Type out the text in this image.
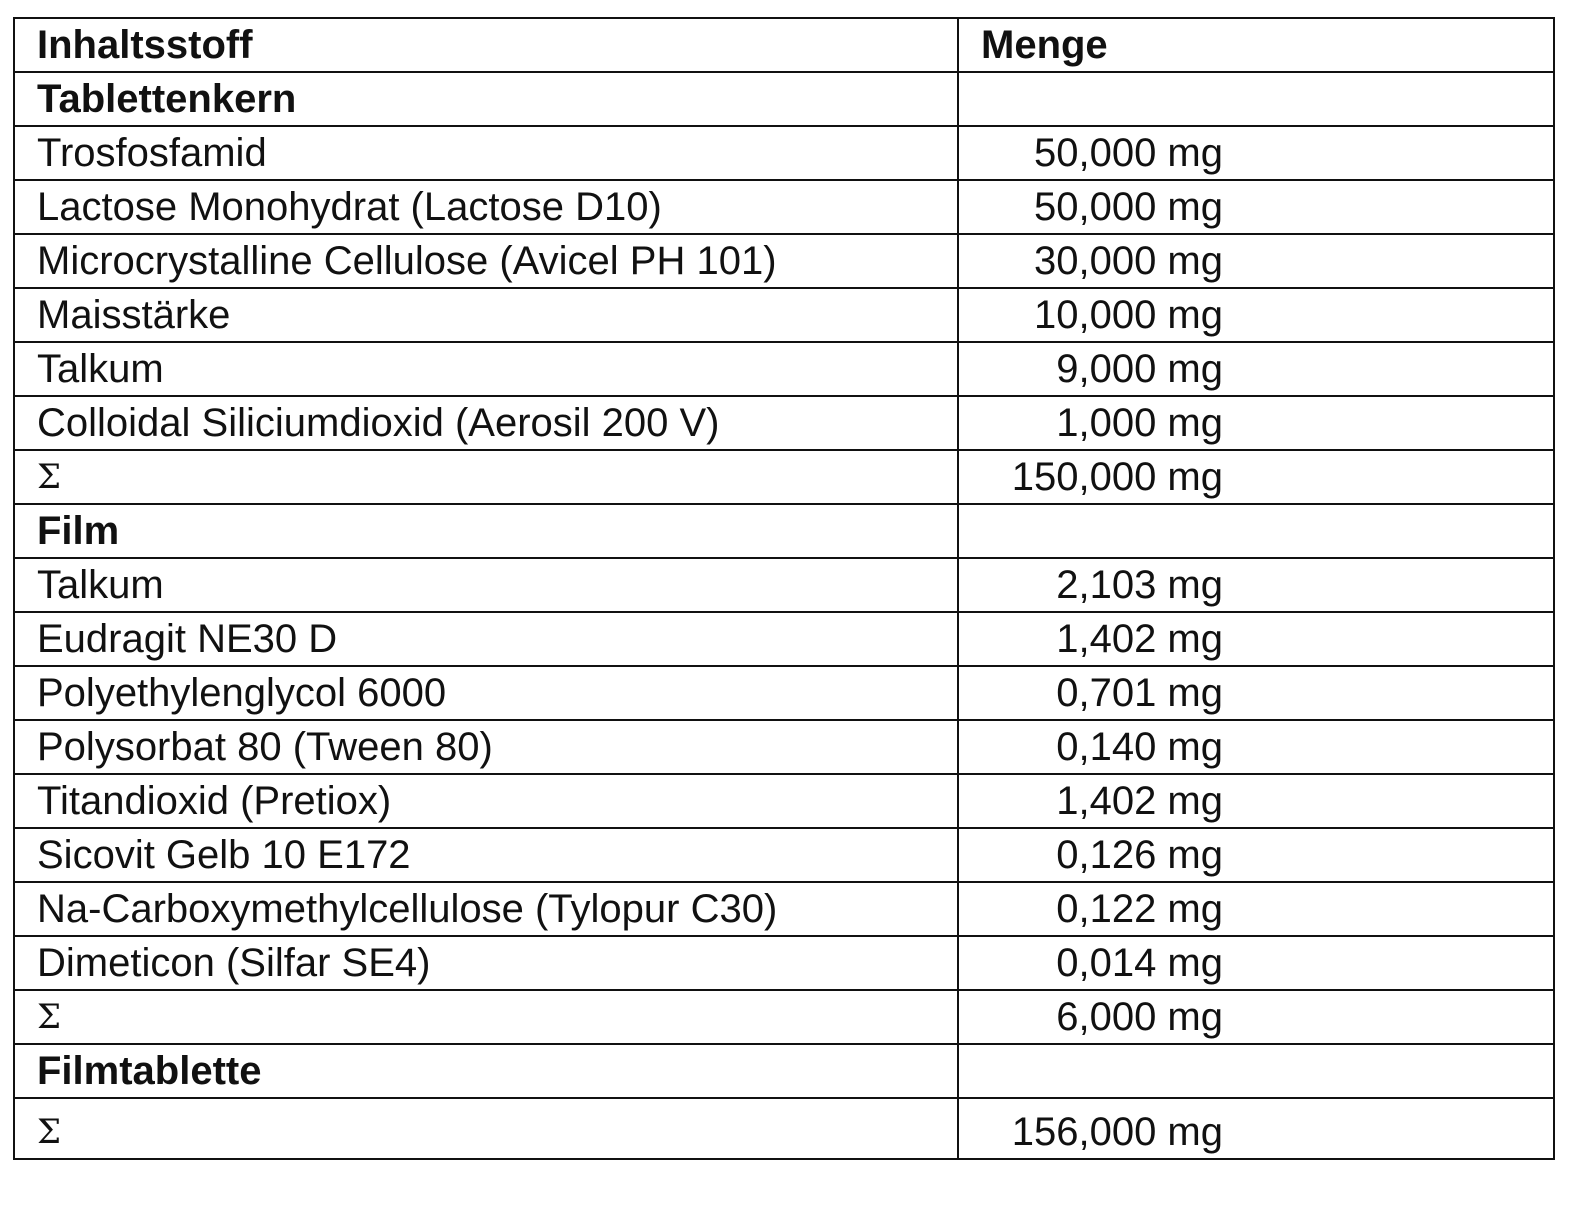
Inhaltsstoff	Menge
Tablettenkern	
Trosfosfamid	50,000 mg
Lactose Monohydrat (Lactose D10)	50,000 mg
Microcrystalline Cellulose (Avicel PH 101)	30,000 mg
Maisstärke	10,000 mg
Talkum	9,000 mg
Colloidal Siliciumdioxid (Aerosil 200 V)	1,000 mg
Σ	150,000 mg
Film	
Talkum	2,103 mg
Eudragit NE30 D	1,402 mg
Polyethylenglycol 6000	0,701 mg
Polysorbat 80 (Tween 80)	0,140 mg
Titandioxid (Pretiox)	1,402 mg
Sicovit Gelb 10 E172	0,126 mg
Na-Carboxymethylcellulose (Tylopur C30)	0,122 mg
Dimeticon (Silfar SE4)	0,014 mg
Σ	6,000 mg
Filmtablette	
Σ	156,000 mg
